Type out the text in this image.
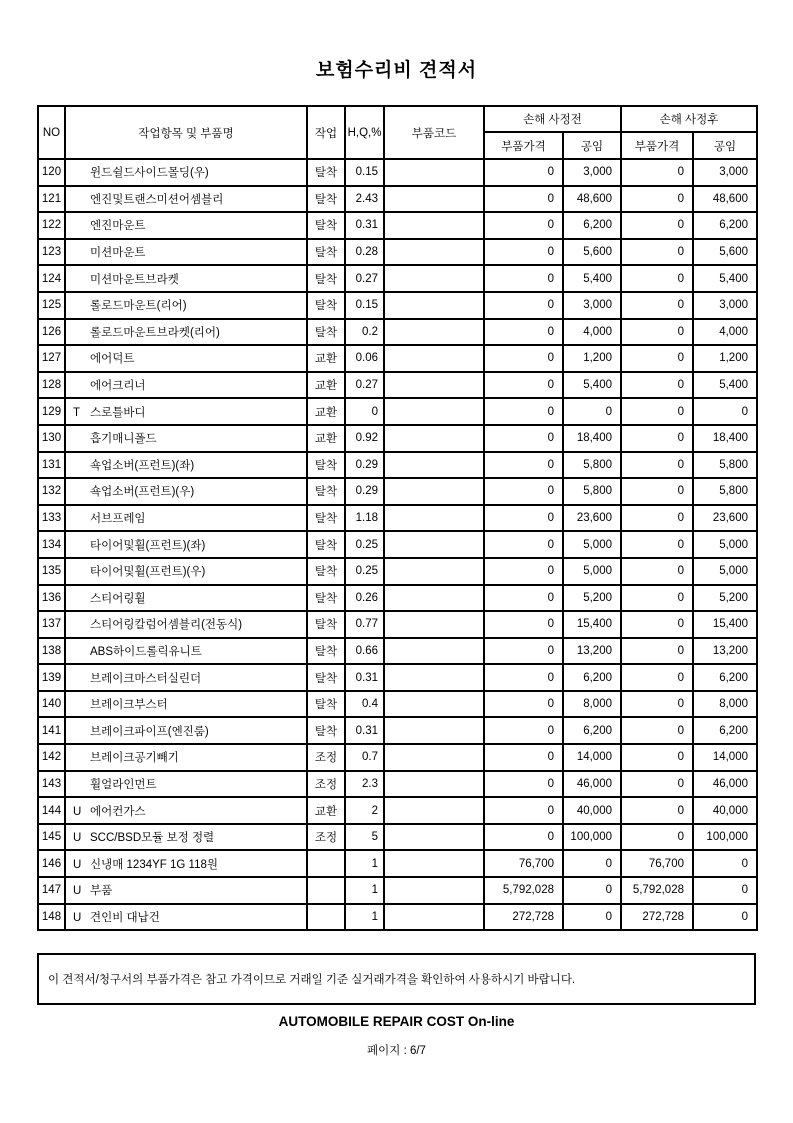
보험수리비 견적서
NO	작업항목 및 부품명	작업	H,Q,%	부품코드	손해 사정전		손해 사정후	
					부품가격	공임	부품가격	공임
120	윈드쉴드사이드몰딩(우)	탈착	0.15		0	3,000	0	3,000
121	엔진및트랜스미션어셈블리	탈착	2.43		0	48,600	0	48,600
122	엔진마운트	탈착	0.31		0	6,200	0	6,200
123	미션마운트	탈착	0.28		0	5,600	0	5,600
124	미션마운트브라켓	탈착	0.27		0	5,400	0	5,400
125	롤로드마운트(리어)	탈착	0.15		0	3,000	0	3,000
126	롤로드마운트브라켓(리어)	탈착	0.2		0	4,000	0	4,000
127	에어덕트	교환	0.06		0	1,200	0	1,200
128	에어크리너	교환	0.27		0	5,400	0	5,400
129	T 스로틀바디	교환	0		0	0	0	0
130	흡기매니폴드	교환	0.92		0	18,400	0	18,400
131	쇽업소버(프런트)(좌)	탈착	0.29		0	5,800	0	5,800
132	쇽업소버(프런트)(우)	탈착	0.29		0	5,800	0	5,800
133	서브프레임	탈착	1.18		0	23,600	0	23,600
134	타이어및휠(프런트)(좌)	탈착	0.25		0	5,000	0	5,000
135	타이어및휠(프런트)(우)	탈착	0.25		0	5,000	0	5,000
136	스티어링휠	탈착	0.26		0	5,200	0	5,200
137	스티어링칼럼어셈블리(전동식)	탈착	0.77		0	15,400	0	15,400
138	ABS하이드롤릭유니트	탈착	0.66		0	13,200	0	13,200
139	브레이크마스터실린더	탈착	0.31		0	6,200	0	6,200
140	브레이크부스터	탈착	0.4		0	8,000	0	8,000
141	브레이크파이프(엔진룸)	탈착	0.31		0	6,200	0	6,200
142	브레이크공기빼기	조정	0.7		0	14,000	0	14,000
143	휠얼라인먼트	조정	2.3		0	46,000	0	46,000
144	U 에어컨가스	교환	2		0	40,000	0	40,000
145	U SCC/BSD모듈 보정 정렬	조정	5		0	100,000	0	100,000
146	U 신냉매 1234YF 1G 118원		1		76,700	0	76,700	0
147	U 부품		1		5,792,028	0	5,792,028	0
148	U 견인비 대납건		1		272,728	0	272,728	0
이 견적서/청구서의 부품가격은 참고 가격이므로 거래일 기준 실거래가격을 확인하여 사용하시기 바랍니다.
AUTOMOBILE REPAIR COST On-line
페이지 : 6/7
